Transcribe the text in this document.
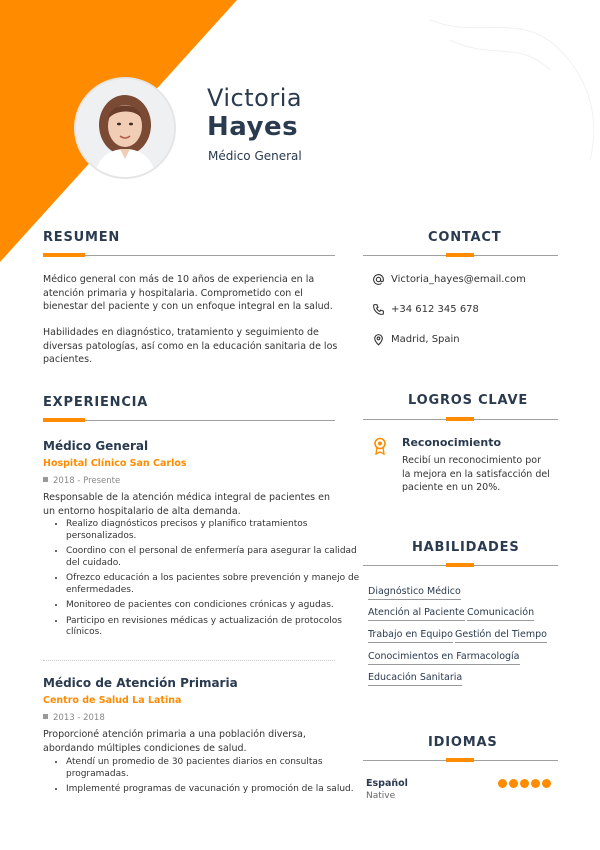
Victoria
Hayes
Médico General
RESUMEN
Médico general con más de 10 años de experiencia en la atención primaria y hospitalaria. Comprometido con el bienestar del paciente y con un enfoque integral en la salud.
Habilidades en diagnóstico, tratamiento y seguimiento de diversas patologías, así como en la educación sanitaria de los pacientes.
CONTACT
Victoria_hayes@email.com
+34 612 345 678
Madrid, Spain
EXPERIENCIA
Médico General
Hospital Clínico San Carlos
2018 - Presente
Responsable de la atención médica integral de pacientes en un entorno hospitalario de alta demanda.
• Realizo diagnósticos precisos y planifico tratamientos personalizados.
• Coordino con el personal de enfermería para asegurar la calidad del cuidado.
• Ofrezco educación a los pacientes sobre prevención y manejo de enfermedades.
• Monitoreo de pacientes con condiciones crónicas y agudas.
• Participo en revisiones médicas y actualización de protocolos clínicos.
Médico de Atención Primaria
Centro de Salud La Latina
2013 - 2018
Proporcioné atención primaria a una población diversa, abordando múltiples condiciones de salud.
• Atendí un promedio de 30 pacientes diarios en consultas programadas.
• Implementé programas de vacunación y promoción de la salud.
LOGROS CLAVE
Reconocimiento
Recibí un reconocimiento por la mejora en la satisfacción del paciente en un 20%.
HABILIDADES
Diagnóstico Médico
Atención al Paciente Comunicación
Trabajo en Equipo Gestión del Tiempo
Conocimientos en Farmacología
Educación Sanitaria
IDIOMAS
Español
Native
